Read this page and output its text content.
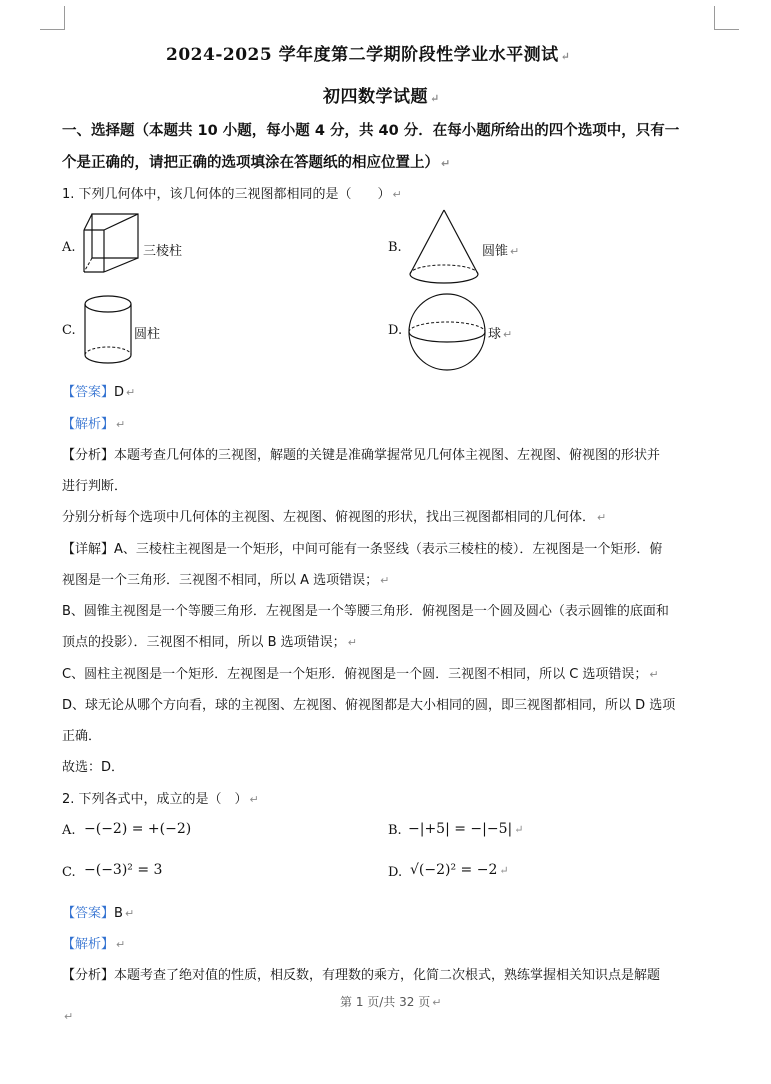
2024-2025 学年度第二学期阶段性学业水平测试 ↵
初四数学试题 ↵
一、选择题（本题共 10 小题，每小题 4 分，共 40 分．在每小题所给出的四个选项中，只有一
个是正确的，请把正确的选项填涂在答题纸的相应位置上） ↵
1. 下列几何体中，该几何体的三视图都相同的是（　　） ↵
A.	三棱柱	B.	圆锥 ↵
C.	圆柱	D.	球 ↵
【答案】D ↵
【解析】 ↵
【分析】本题考查几何体的三视图，解题的关键是准确掌握常见几何体主视图、左视图、俯视图的形状并
进行判断．
分别分析每个选项中几何体的主视图、左视图、俯视图的形状，找出三视图都相同的几何体． ↵
【详解】A、三棱柱主视图是一个矩形，中间可能有一条竖线（表示三棱柱的棱）．左视图是一个矩形．俯
视图是一个三角形．三视图不相同，所以 A 选项错误； ↵
B、圆锥主视图是一个等腰三角形．左视图是一个等腰三角形．俯视图是一个圆及圆心（表示圆锥的底面和
顶点的投影）．三视图不相同，所以 B 选项错误； ↵
C、圆柱主视图是一个矩形．左视图是一个矩形．俯视图是一个圆．三视图不相同，所以 C 选项错误； ↵
D、球无论从哪个方向看，球的主视图、左视图、俯视图都是大小相同的圆，即三视图都相同，所以 D 选项
正确．
故选：D．
2. 下列各式中，成立的是（　） ↵
A. −(−2) = +(−2)	B. −|+5| = −|−5| ↵
C. −(−3)² = 3	D. √(−2)² = −2 ↵
【答案】B ↵
【解析】 ↵
【分析】本题考查了绝对值的性质，相反数，有理数的乘方，化简二次根式，熟练掌握相关知识点是解题
第 1 页/共 32 页 ↵
↵
